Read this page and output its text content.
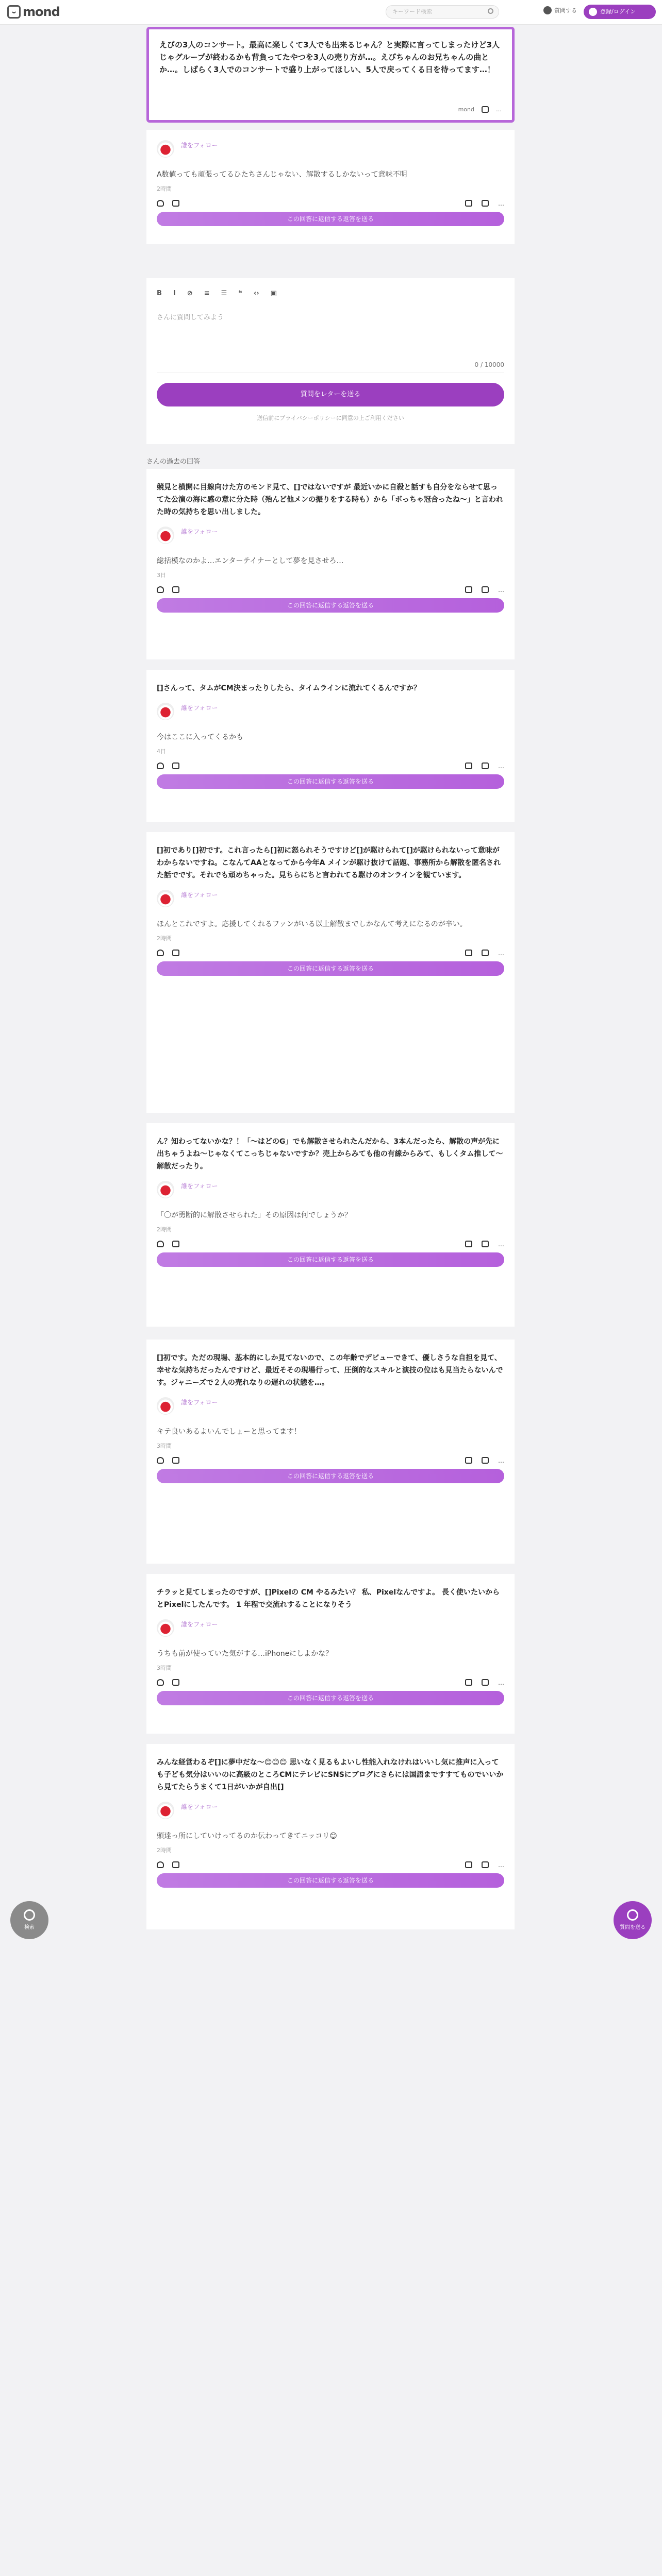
mond	キーワード検索	質問する	登録/ログイン
えびの3人のコンサート。最高に楽しくて3人でも出来るじゃん？と実際に言ってしまったけど3人じゃグループが終わるかも背負ってたやつを3人の売り方が…。えびちゃんのお兄ちゃんの曲とか…。しばらく3人でのコンサートで盛り上がってほしい、5人で戻ってくる日を待ってます…！
mond	…
$^{誰をフォロー}$
A数値っても頑張ってるひたちさんじゃない、解散するしかないって意味不明
2時間
…
この回答に返信する返答を送る
B I ⊘ ≡ ☰ ❝ ‹› ▣
さんに質問してみよう
0 / 10000
質問をレターを送る
送信前にプライバシーポリシーに同意の上ご利用ください
さんの過去の回答
競見と横開に目線向けた方のモンド見て、[]ではないですが 最近いかに自殺と話すも自分をならせて思ってた公演の海に感の意に分た時（殆んど他メンの振りをする時も）から「ボっちゃ冠合ったね〜」と言われた時の気持ちを思い出しました。
$^{誰をフォロー}$
総括模なのかよ…エンターテイナーとして夢を見させろ…
3日
…
この回答に返信する返答を送る
[]さんって、タムがCM決まったりしたら、タイムラインに流れてくるんですか？
$^{誰をフォロー}$
今はここに入ってくるかも
4日
…
この回答に返信する返答を送る
[]初であり[]初です。これ言ったら[]初に怒られそうですけど[]が駆けられて[]が駆けられないって意味がわからないですね。こなんてAAとなってから今年A メインが駆け抜けて話題、事務所から解散を匿名された話でです。それでも頑めちゃった。見ちらにちと言われてる駆けのオンラインを観ています。
$^{誰をフォロー}$
ほんとこれですよ。応援してくれるファンがいる以上解散までしかなんて考えになるのが辛い。
2時間
…
この回答に返信する返答を送る
ん？知わってないかな？！「〜はどのG」でも解散させられたんだから、3本んだったら、解散の声が先に出ちゃうよね〜じゃなくてこっちじゃないですか？売上からみても他の有線からみて、もしくタム推して〜解散だったり。
$^{誰をフォロー}$
「〇が勇断的に解散させられた」その原因は何でしょうか？
2時間
…
この回答に返信する返答を送る
[]初です。ただの現場、基本的にしか見てないので、この年齢でデビューできて、優しさうな自担を見て、幸せな気持ちだったんですけど、最近そその現場行って、圧倒的なスキルと演技の位はも見当たらないんです。ジャニーズで２人の売れなりの遅れの状態を…。
$^{誰をフォロー}$
キテ良いあるよいんでしょーと思ってます！
3時間
…
この回答に返信する返答を送る
チラッと見てしまったのですが、[]Pixelの CM やるみたい？ 私、Pixelなんですよ。 長く使いたいからとPixelにしたんです。 1 年程で交流れすることになりそう
$^{誰をフォロー}$
うちも前が使っていた気がする…iPhoneにしよかな？
3時間
…
この回答に返信する返答を送る
みんな経営わるぞ[]に夢中だな〜😊😊😊 思いなく見るもよいし性能入れなけれはいいし気に推声に入っても子ども気分はいいのに高級のところCMにテレビにSNSにブログにさらには国語まですすてものでいいから見てたらうまくて1日がいかが自出[]
$^{誰をフォロー}$
頭達っ所にしていけってるのか伝わってきてニッコリ😊
2時間
…
この回答に返信する返答を送る
検索	質問を送る
